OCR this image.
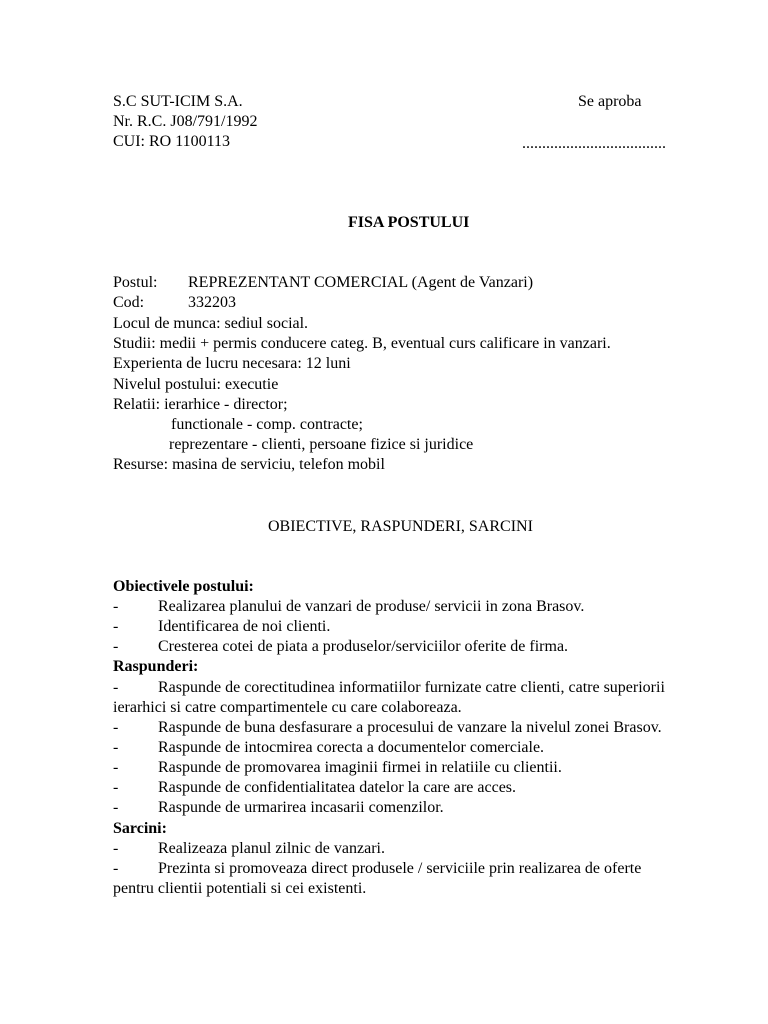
S.C SUT-ICIM S.A.
Nr. R.C. J08/791/1992
CUI: RO 1100113
Se aproba
....................................
FISA POSTULUI
Postul: REPREZENTANT COMERCIAL (Agent de Vanzari)
Cod:	332203
Locul de munca: sediul social.
Studii: medii + permis conducere categ. B, eventual curs calificare in vanzari.
Experienta de lucru necesara: 12 luni
Nivelul postului: executie
Relatii: ierarhice - director;
functionale - comp. contracte;
reprezentare - clienti, persoane fizice si juridice
Resurse: masina de serviciu, telefon mobil
OBIECTIVE, RASPUNDERI, SARCINI
Obiectivele postului:
- Realizarea planului de vanzari de produse/ servicii in zona Brasov.
- Identificarea de noi clienti.
- Cresterea cotei de piata a produselor/serviciilor oferite de firma.
Raspunderi:
- Raspunde de corectitudinea informatiilor furnizate catre clienti, catre superiorii
ierarhici si catre compartimentele cu care colaboreaza.
- Raspunde de buna desfasurare a procesului de vanzare la nivelul zonei Brasov.
- Raspunde de intocmirea corecta a documentelor comerciale.
- Raspunde de promovarea imaginii firmei in relatiile cu clientii.
- Raspunde de confidentialitatea datelor la care are acces.
- Raspunde de urmarirea incasarii comenzilor.
Sarcini:
- Realizeaza planul zilnic de vanzari.
- Prezinta si promoveaza direct produsele / serviciile prin realizarea de oferte
pentru clientii potentiali si cei existenti.
